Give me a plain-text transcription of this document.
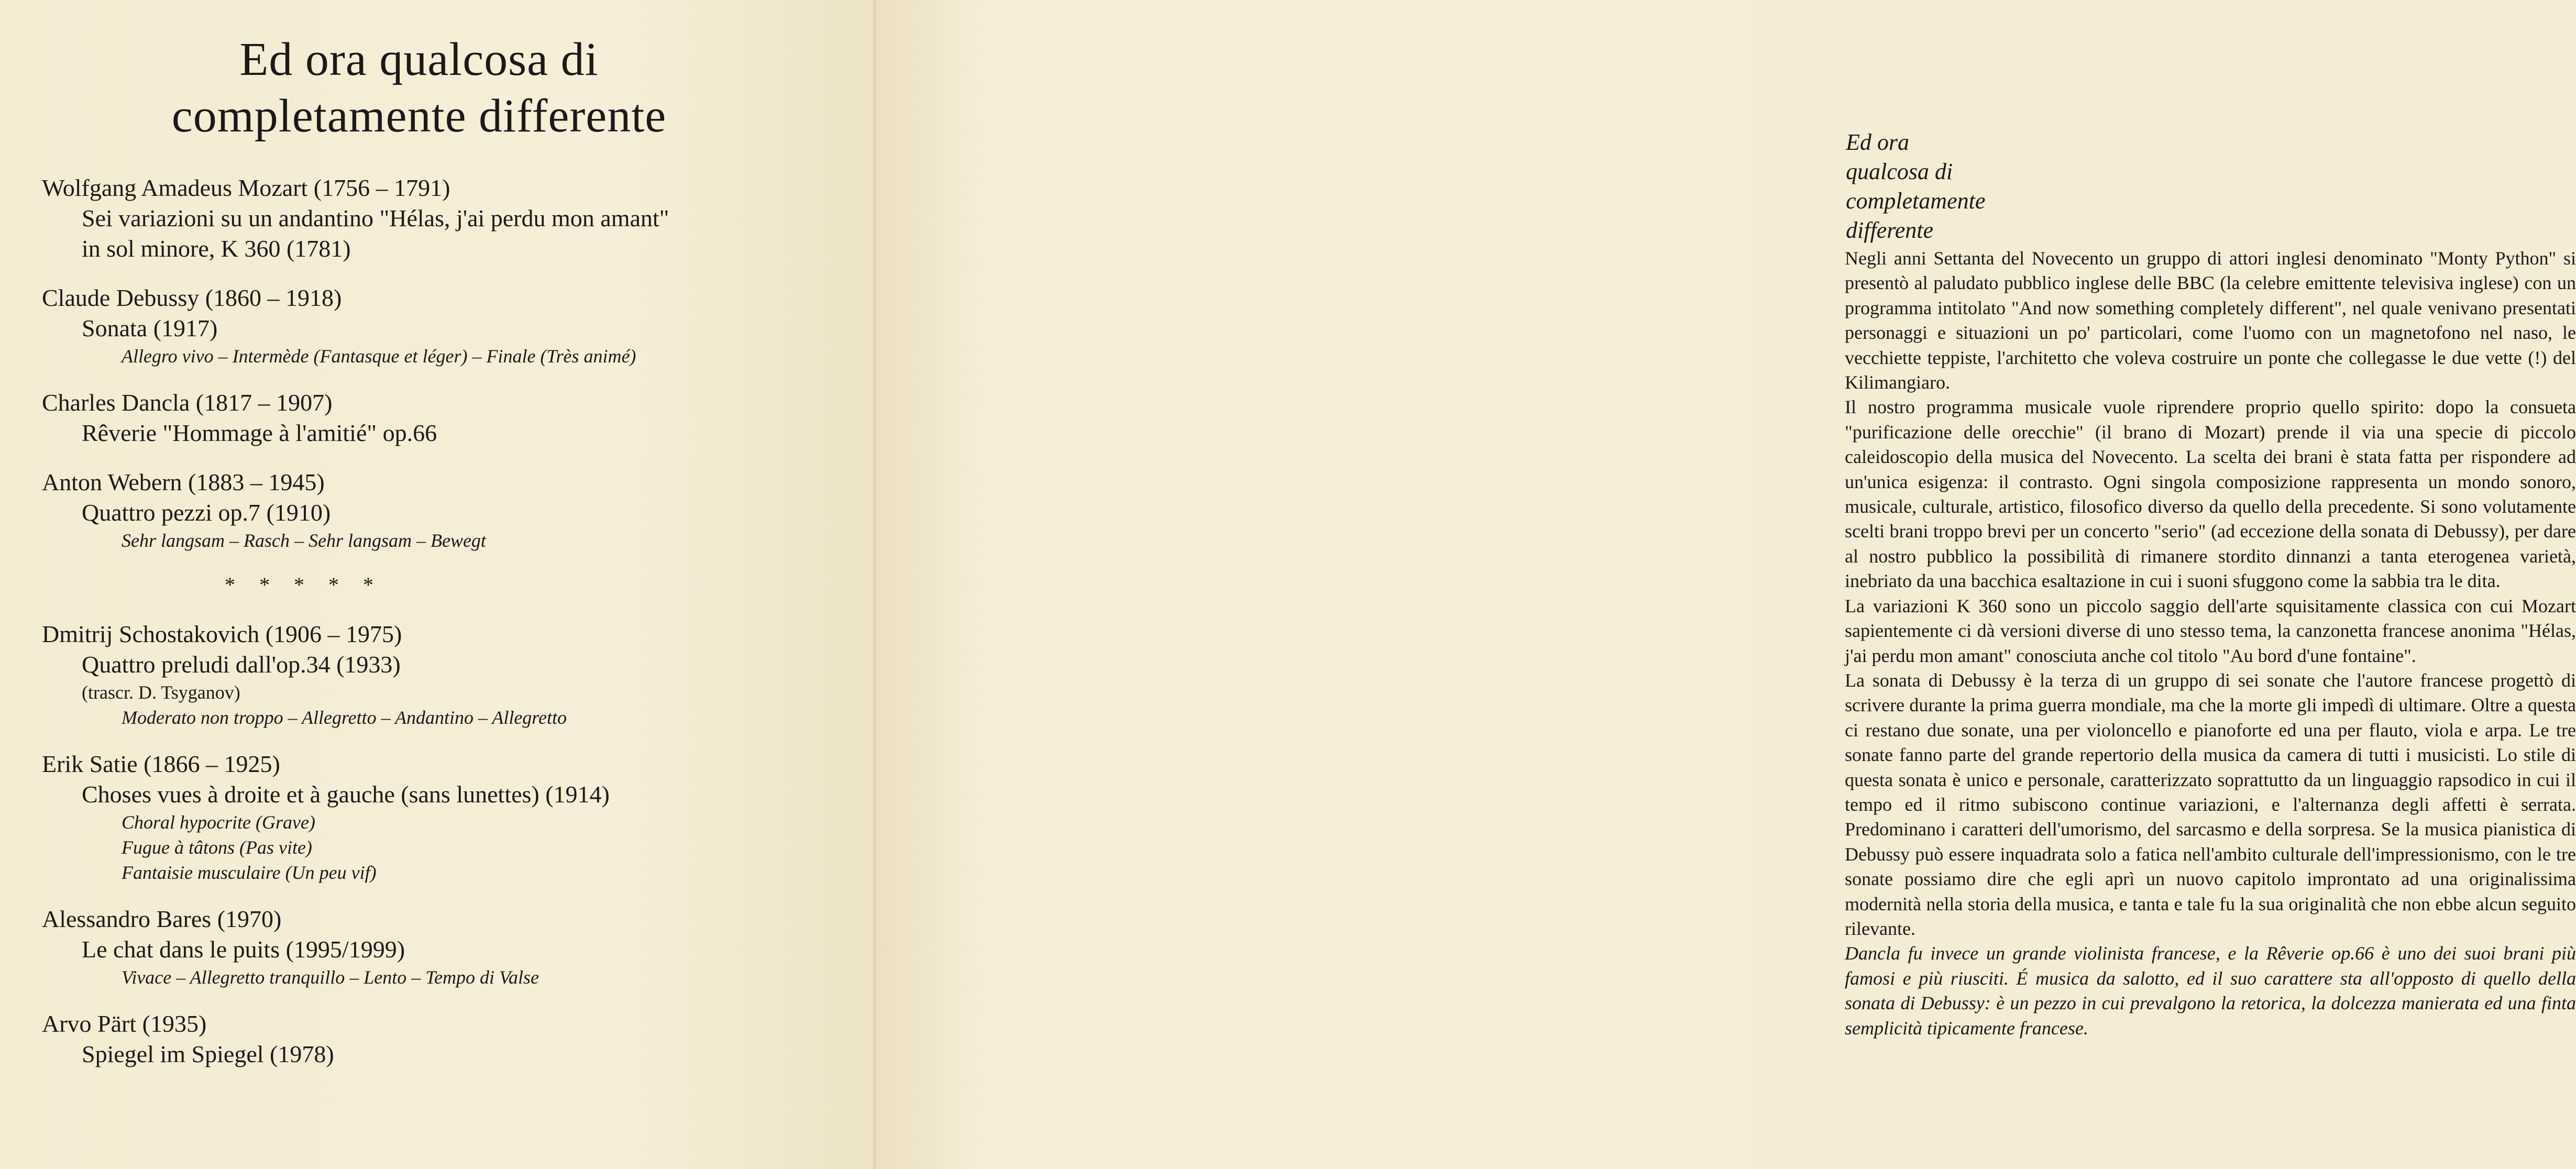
Ed ora qualcosa di
completamente differente
Wolfgang Amadeus Mozart (1756 – 1791)
Sei variazioni su un andantino "Hélas, j'ai perdu mon amant"
in sol minore, K 360 (1781)
Claude Debussy (1860 – 1918)
Sonata (1917)
Allegro vivo – Intermède (Fantasque et léger) – Finale (Très animé)
Charles Dancla (1817 – 1907)
Rêverie "Hommage à l'amitié" op.66
Anton Webern (1883 – 1945)
Quattro pezzi op.7 (1910)
Sehr langsam – Rasch – Sehr langsam – Bewegt
* * * * *
Dmitrij Schostakovich (1906 – 1975)
Quattro preludi dall'op.34 (1933)
(trascr. D. Tsyganov)
Moderato non troppo – Allegretto – Andantino – Allegretto
Erik Satie (1866 – 1925)
Choses vues à droite et à gauche (sans lunettes) (1914)
Choral hypocrite (Grave)
Fugue à tâtons (Pas vite)
Fantaisie musculaire (Un peu vif)
Alessandro Bares (1970)
Le chat dans le puits (1995/1999)
Vivace – Allegretto tranquillo – Lento – Tempo di Valse
Arvo Pärt (1935)
Spiegel im Spiegel (1978)
Ed ora qualcosa di completamente differente

Negli anni Settanta del Novecento un gruppo di attori inglesi denominato "Monty Python" si presentò al paludato pubblico inglese delle BBC (la celebre emittente televisiva inglese) con un programma intitolato "And now something completely different", nel quale venivano presentati personaggi e situazioni un po' particolari, come l'uomo con un magnetofono nel naso, le vecchiette teppiste, l'architetto che voleva costruire un ponte che collegasse le due vette (!) del Kilimangiaro.

Il nostro programma musicale vuole riprendere proprio quello spirito: dopo la consueta "purificazione delle orecchie" (il brano di Mozart) prende il via una specie di piccolo caleidoscopio della musica del Novecento. La scelta dei brani è stata fatta per rispondere ad un'unica esigenza: il contrasto. Ogni singola composizione rappresenta un mondo sonoro, musicale, culturale, artistico, filosofico diverso da quello della precedente. Si sono volutamente scelti brani troppo brevi per un concerto "serio" (ad eccezione della sonata di Debussy), per dare al nostro pubblico la possibilità di rimanere stordito dinnanzi a tanta eterogenea varietà, inebriato da una bacchica esaltazione in cui i suoni sfuggono come la sabbia tra le dita.

La variazioni K 360 sono un piccolo saggio dell'arte squisitamente classica con cui Mozart sapientemente ci dà versioni diverse di uno stesso tema, la canzonetta francese anonima "Hélas, j'ai perdu mon amant" conosciuta anche col titolo "Au bord d'une fontaine".

La sonata di Debussy è la terza di un gruppo di sei sonate che l'autore francese progettò di scrivere durante la prima guerra mondiale, ma che la morte gli impedì di ultimare. Oltre a questa ci restano due sonate, una per violoncello e pianoforte ed una per flauto, viola e arpa. Le tre sonate fanno parte del grande repertorio della musica da camera di tutti i musicisti. Lo stile di questa sonata è unico e personale, caratterizzato soprattutto da un linguaggio rapsodico in cui il tempo ed il ritmo subiscono continue variazioni, e l'alternanza degli affetti è serrata. Predominano i caratteri dell'umorismo, del sarcasmo e della sorpresa. Se la musica pianistica di Debussy può essere inquadrata solo a fatica nell'ambito culturale dell'impressionismo, con le tre sonate possiamo dire che egli aprì un nuovo capitolo improntato ad una originalissima modernità nella storia della musica, e tanta e tale fu la sua originalità che non ebbe alcun seguito rilevante.

Dancla fu invece un grande violinista francese, e la Rêverie op.66 è uno dei suoi brani più famosi e più riusciti. É musica da salotto, ed il suo carattere sta all'opposto di quello della sonata di Debussy: è un pezzo in cui prevalgono la retorica, la dolcezza manierata ed una finta semplicità tipicamente francese.
